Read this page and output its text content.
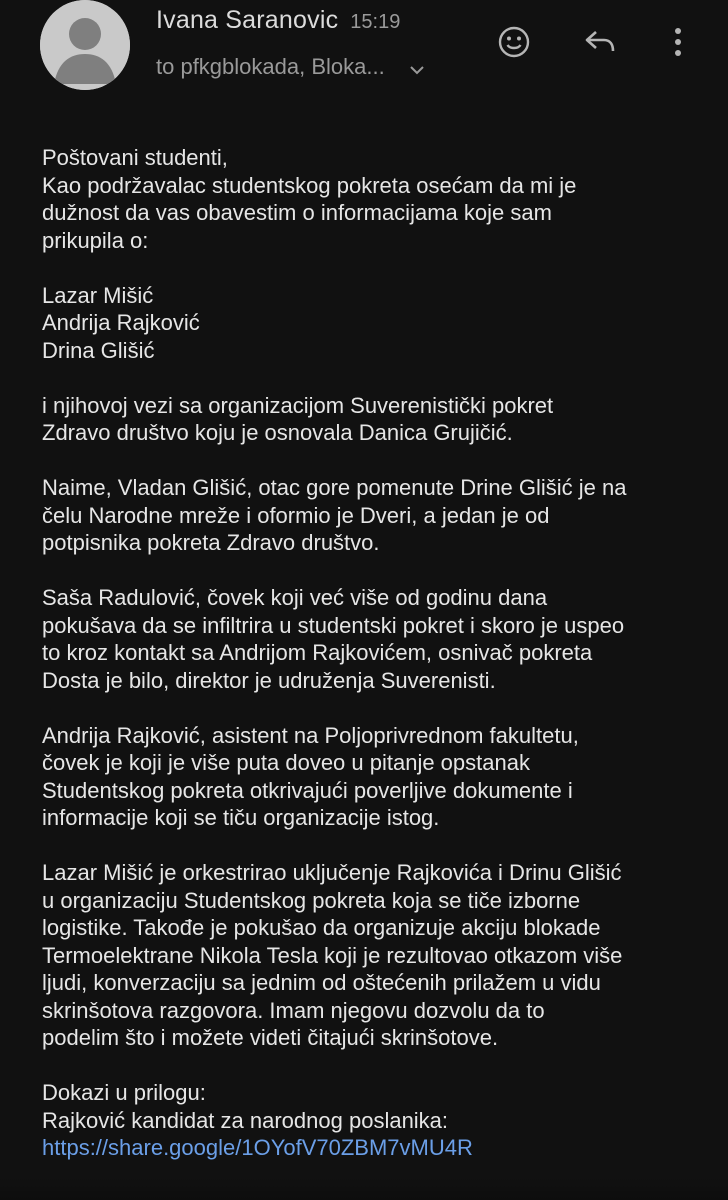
Ivana Saranovic 15:19
to pfkgblokada, Bloka...
Poštovani studenti,
Kao podržavalac studentskog pokreta osećam da mi je
dužnost da vas obavestim o informacijama koje sam
prikupila o:
Lazar Mišić
Andrija Rajković
Drina Glišić
i njihovoj vezi sa organizacijom Suverenistički pokret
Zdravo društvo koju je osnovala Danica Grujičić.
Naime, Vladan Glišić, otac gore pomenute Drine Glišić je na
čelu Narodne mreže i oformio je Dveri, a jedan je od
potpisnika pokreta Zdravo društvo.
Saša Radulović, čovek koji već više od godinu dana
pokušava da se infiltrira u studentski pokret i skoro je uspeo
to kroz kontakt sa Andrijom Rajkovićem, osnivač pokreta
Dosta je bilo, direktor je udruženja Suverenisti.
Andrija Rajković, asistent na Poljoprivrednom fakultetu,
čovek je koji je više puta doveo u pitanje opstanak
Studentskog pokreta otkrivajući poverljive dokumente i
informacije koji se tiču organizacije istog.
Lazar Mišić je orkestrirao uključenje Rajkovića i Drinu Glišić
u organizaciju Studentskog pokreta koja se tiče izborne
logistike. Takođe je pokušao da organizuje akciju blokade
Termoelektrane Nikola Tesla koji je rezultovao otkazom više
ljudi, konverzaciju sa jednim od oštećenih prilažem u vidu
skrinšotova razgovora. Imam njegovu dozvolu da to
podelim što i možete videti čitajući skrinšotove.
Dokazi u prilogu:
Rajković kandidat za narodnog poslanika:
https://share.google/1OYofV70ZBM7vMU4R
